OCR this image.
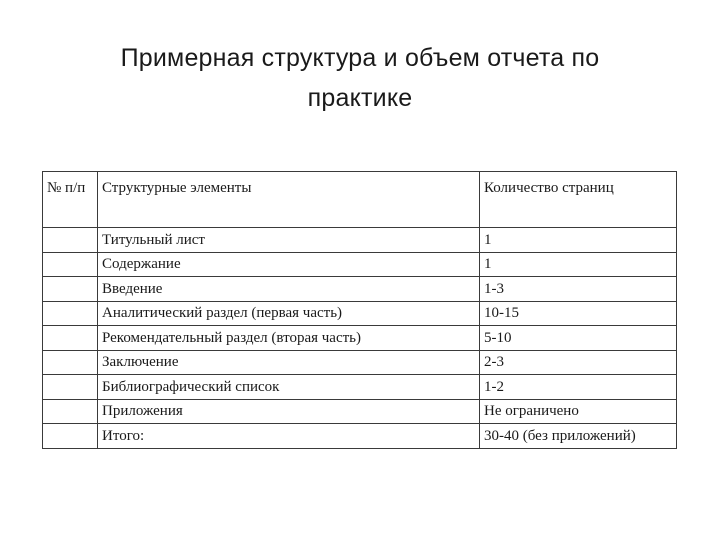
Примерная структура и объем отчета по
практике
№ п/п	Структурные элементы	Количество страниц
	Титульный лист	1
	Содержание	1
	Введение	1-3
	Аналитический раздел (первая часть)	10-15
	Рекомендательный раздел (вторая часть)	5-10
	Заключение	2-3
	Библиографический список	1-2
	Приложения	Не ограничено
	Итого:	30-40 (без приложений)
